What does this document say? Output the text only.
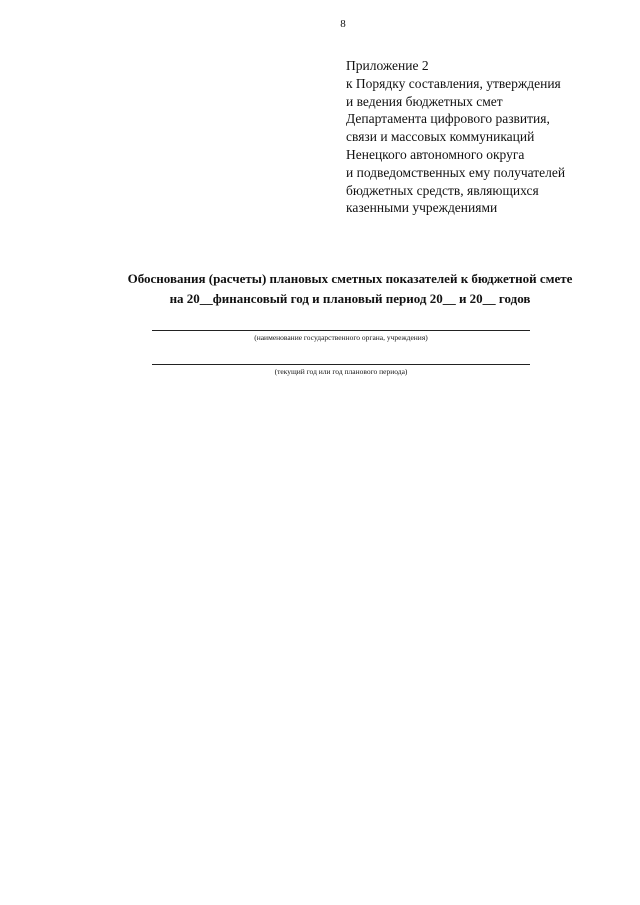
8
Приложение 2
к Порядку составления, утверждения
и ведения бюджетных смет
Департамента цифрового развития,
связи и массовых коммуникаций
Ненецкого автономного округа
и подведомственных ему получателей
бюджетных средств, являющихся
казенными учреждениями
Обоснования (расчеты) плановых сметных показателей к бюджетной смете
на 20__финансовый год и плановый период 20__ и 20__ годов
(наименование государственного органа, учреждения)
(текущий год или год планового периода)
